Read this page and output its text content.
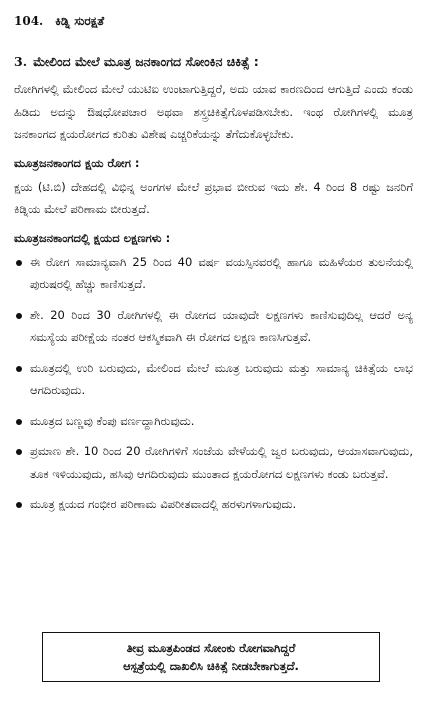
104. ಕಿಡ್ನಿ ಸುರಕ್ಷತೆ
3. ಮೇಲಿಂದ ಮೇಲೆ ಮೂತ್ರ ಜನಕಾಂಗದ ಸೋಂಕಿನ ಚಿಕಿತ್ಸೆ :

ರೋಗಿಗಳಲ್ಲಿ ಮೇಲಿಂದ ಮೇಲೆ ಯುಟಿಐ ಉಂಟಾಗುತ್ತಿದ್ದರೆ, ಅದು ಯಾವ ಕಾರಣದಿಂದ ಆಗುತ್ತಿದೆ ಎಂದು ಕಂಡು ಹಿಡಿದು ಅದನ್ನು ಔಷಧೋಪಚಾರ ಅಥವಾ ಶಸ್ತ್ರಚಿಕಿತ್ಸೆಗೊಳಪಡಿಸಬೇಕು. ಇಂಥ ರೋಗಿಗಳಲ್ಲಿ ಮೂತ್ರ ಜನಕಾಂಗದ ಕ್ಷಯರೋಗದ ಕುರಿತು ವಿಶೇಷ ಎಚ್ಚರಿಕೆಯನ್ನು ತೆಗೆದುಕೊಳ್ಳಬೇಕು.

ಮೂತ್ರಜನಕಾಂಗದ ಕ್ಷಯ ರೋಗ :

ಕ್ಷಯ (ಟಿ.ಬಿ) ದೇಹದಲ್ಲಿ ವಿಭಿನ್ನ ಅಂಗಗಳ ಮೇಲೆ ಪ್ರಭಾವ ಬೀರುವ ಇದು ಶೇ. 4 ರಿಂದ 8 ರಷ್ಟು ಜನರಿಗೆ ಕಿಡ್ನಿಯ ಮೇಲೆ ಪರಿಣಾಮ ಬೀರುತ್ತದೆ.

ಮೂತ್ರಜನಕಾಂಗದಲ್ಲಿ ಕ್ಷಯದ ಲಕ್ಷಣಗಳು :
ಈ ರೋಗ ಸಾಮಾನ್ಯವಾಗಿ 25 ರಿಂದ 40 ವರ್ಷ ವಯಸ್ಸಿನವರಲ್ಲಿ ಹಾಗೂ ಮಹಿಳೆಯರ ತುಲನೆಯಲ್ಲಿ ಪುರುಷರಲ್ಲಿ ಹೆಚ್ಚು ಕಾಣಿಸುತ್ತದೆ.
ಶೇ. 20 ರಿಂದ 30 ರೋಗಿಗಳಲ್ಲಿ ಈ ರೋಗದ ಯಾವುದೇ ಲಕ್ಷಣಗಳು ಕಾಣಿಸುವುದಿಲ್ಲ ಆದರೆ ಅನ್ಯ ಸಮಸ್ಯೆಯ ಪರೀಕ್ಷೆಯ ನಂತರ ಆಕಸ್ಮಿಕವಾಗಿ ಈ ರೋಗದ ಲಕ್ಷಣ ಕಾಣಸಿಗುತ್ತವೆ.
ಮೂತ್ರದಲ್ಲಿ ಉರಿ ಬರುವುದು, ಮೇಲಿಂದ ಮೇಲೆ ಮೂತ್ರ ಬರುವುದು ಮತ್ತು ಸಾಮಾನ್ಯ ಚಿಕಿತ್ಸೆಯ ಲಾಭ ಆಗದಿರುವುದು.
ಮೂತ್ರದ ಬಣ್ಣವು ಕೆಂಪು ವರ್ಣದ್ದಾಗಿರುವುದು.
ಪ್ರಮಾಣ ಶೇ. 10 ರಿಂದ 20 ರೋಗಿಗಳಿಗೆ ಸಂಜೆಯ ವೇಳೆಯಲ್ಲಿ ಜ್ವರ ಬರುವುದು, ಆಯಾಸವಾಗುವುದು, ತೂಕ ಇಳಿಯುವುದು, ಹಸಿವು ಆಗದಿರುವುದು ಮುಂತಾದ ಕ್ಷಯರೋಗದ ಲಕ್ಷಣಗಳು ಕಂಡು ಬರುತ್ತವೆ.
ಮೂತ್ರ ಕ್ಷಯದ ಗಂಭೀರ ಪರಿಣಾಮ ವಿಪರೀತವಾದಲ್ಲಿ ಹರಳುಗಳಾಗುವುದು.
ತೀವ್ರ ಮೂತ್ರಪಿಂಡದ ಸೋಂಕು ರೋಗವಾಗಿದ್ದರೆ
ಆಸ್ಪತ್ರೆಯಲ್ಲಿ ದಾಖಲಿಸಿ ಚಿಕಿತ್ಸೆ ನೀಡಬೇಕಾಗುತ್ತದೆ.
